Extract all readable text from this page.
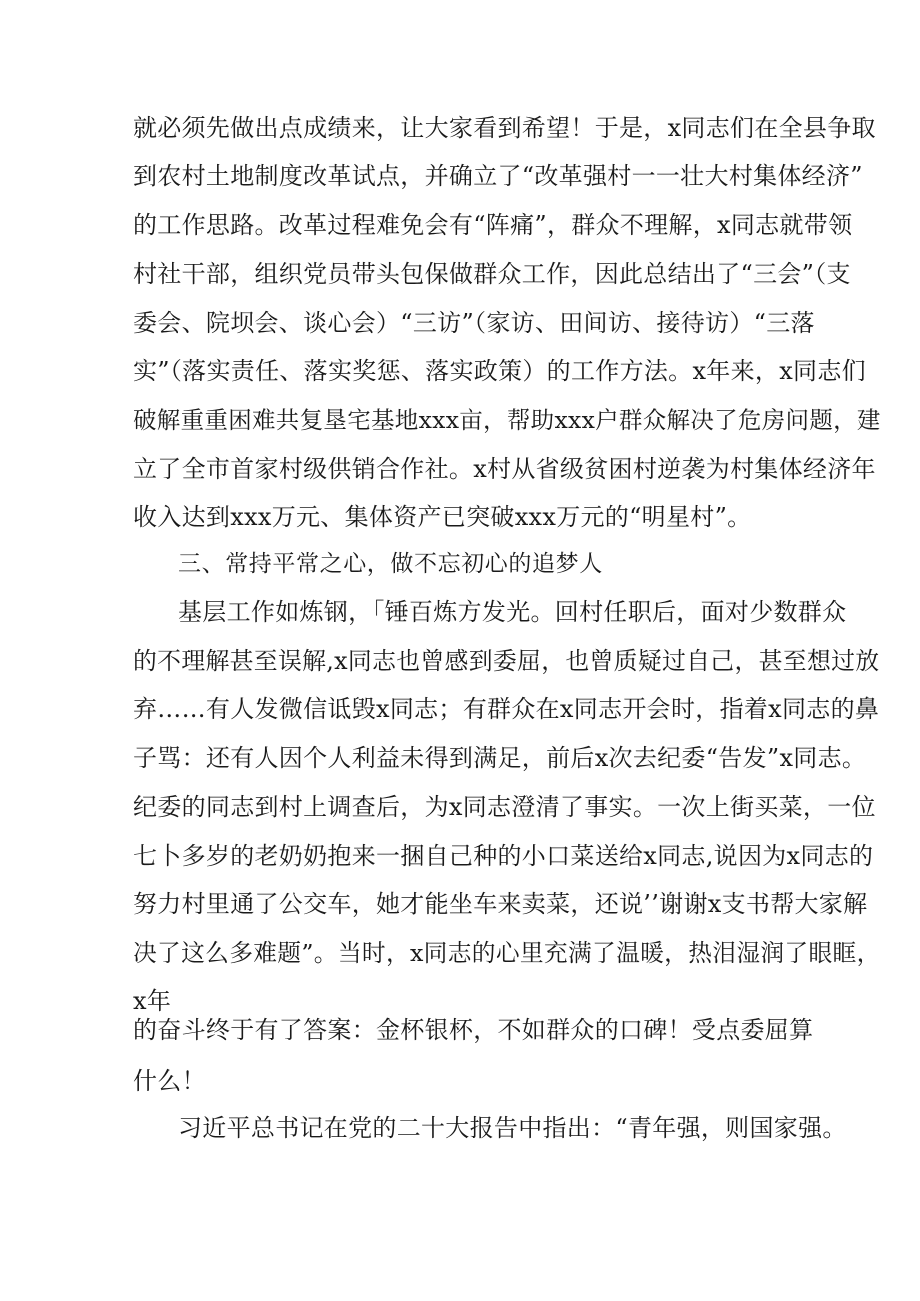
就必须先做出点成绩来，让大家看到希望！于是，x同志们在全县争取
到农村土地制度改革试点，并确立了“改革强村一一壮大村集体经济”
的工作思路。改革过程难免会有“阵痛”，群众不理解，x同志就带领
村社干部，组织党员带头包保做群众工作，因此总结出了“三会”（支
委会、院坝会、谈心会）“三访”（家访、田间访、接待访）“三落
实”（落实责任、落实奖惩、落实政策）的工作方法。x年来，x同志们
破解重重困难共复垦宅基地xxx亩，帮助xxx户群众解决了危房问题，建
立了全市首家村级供销合作社。x村从省级贫困村逆袭为村集体经济年
收入达到xxx万元、集体资产已突破xxx万元的“明星村”。
三、常持平常之心，做不忘初心的追梦人
基层工作如炼钢，「锤百炼方发光。回村任职后，面对少数群众
的不理解甚至误解,x同志也曾感到委屈，也曾质疑过自己，甚至想过放
弃……有人发微信诋毁x同志；有群众在x同志开会时，指着x同志的鼻
子骂：还有人因个人利益未得到满足，前后x次去纪委“告发”x同志。
纪委的同志到村上调查后，为x同志澄清了事实。一次上街买菜，一位
七卜多岁的老奶奶抱来一捆自己种的小口菜送给x同志,说因为x同志的
努力村里通了公交车，她才能坐车来卖菜，还说’’谢谢x支书帮大家解
决了这么多难题”。当时，x同志的心里充满了温暖，热泪湿润了眼眶，
x年
的奋斗终于有了答案：金杯银杯，不如群众的口碑！受点委屈算
什么！
习近平总书记在党的二十大报告中指出：“青年强，则国家强。
